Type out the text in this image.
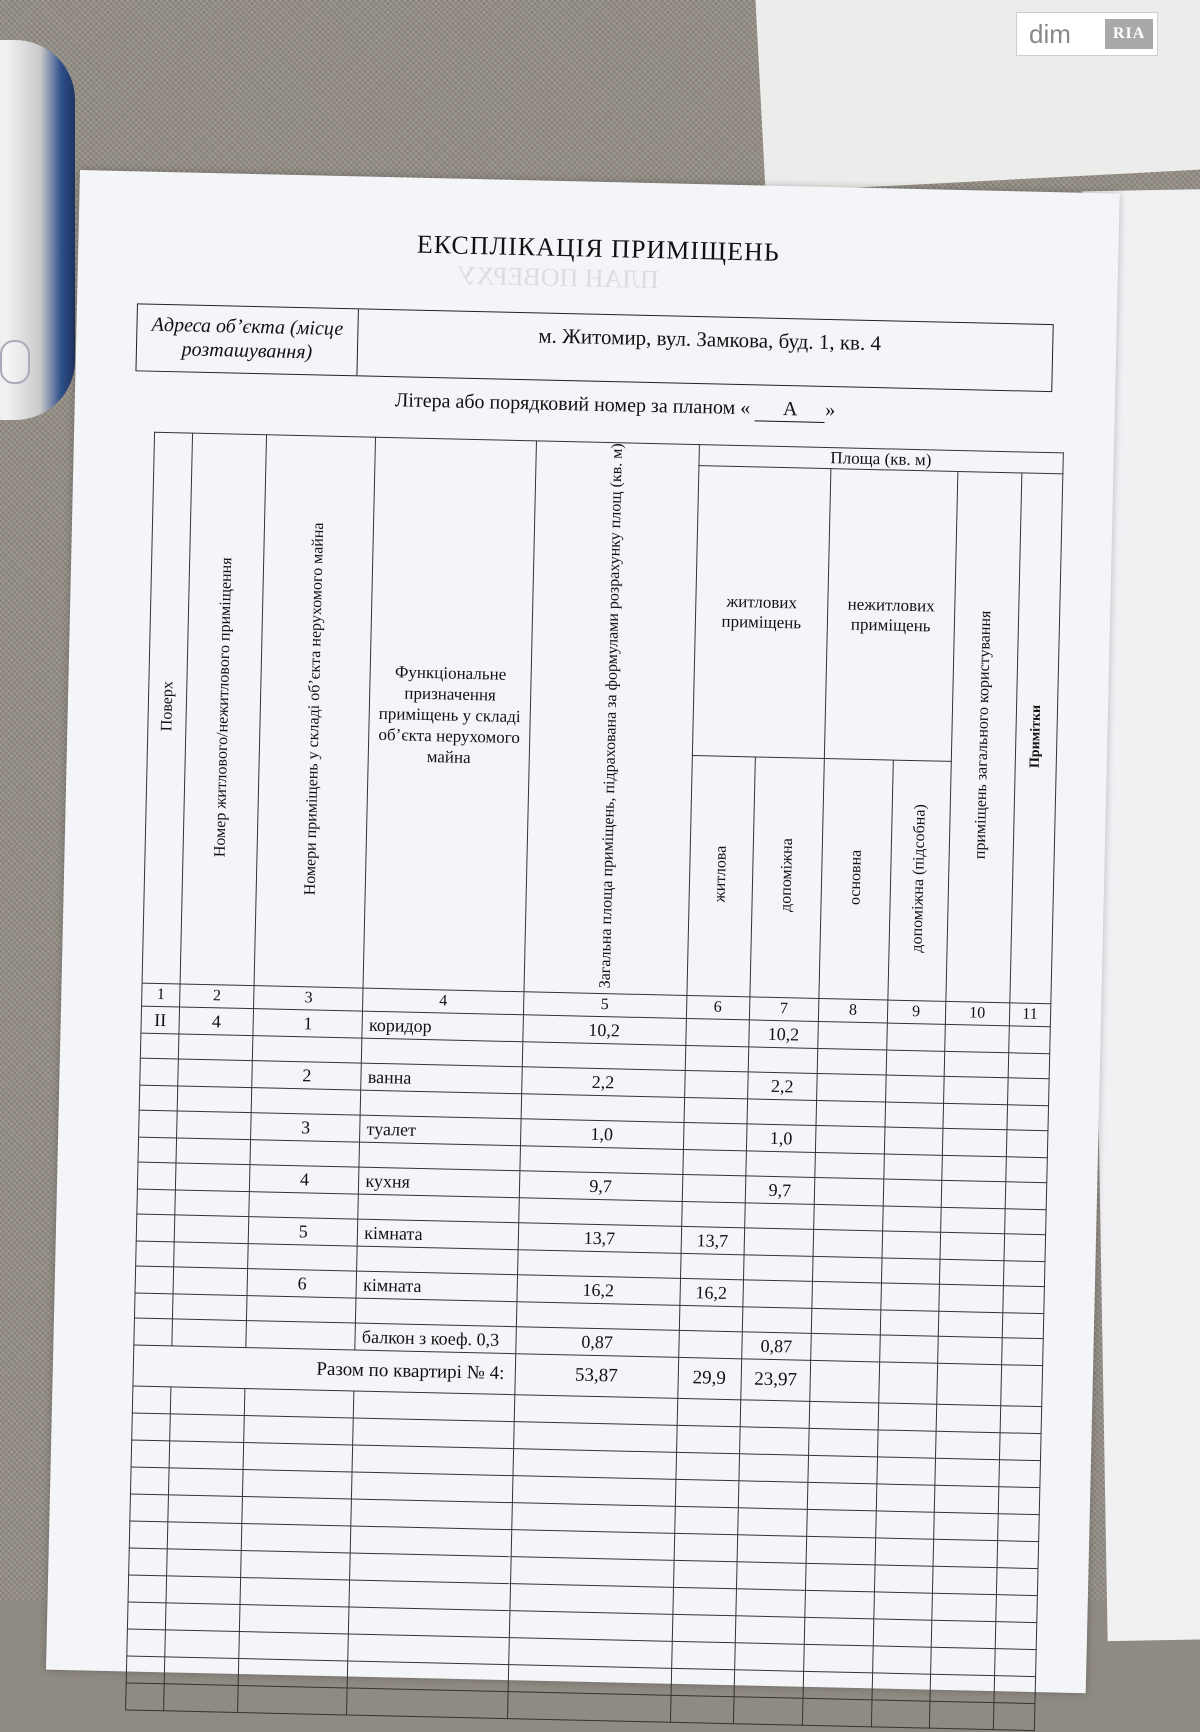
dim	RIA
ПЛАН ПОВЕРХУ
ЕКСПЛІКАЦІЯ ПРИМІЩЕНЬ
Адреса об’єкта (місце розташування)	м. Житомир, вул. Замкова, буд. 1, кв. 4
Літера або порядковий номер за планом « А »
Поверх	Номер житлового/нежитлового приміщення	Номери приміщень у складі об’єкта нерухомого майна	Функціональне призначення приміщень у складі об’єкта нерухомого майна	Загальна площа приміщень, підрахована за формулами розрахунку площ (кв. м)	Площа (кв. м)					
					житлових приміщень		нежитлових приміщень		приміщень загального користування	Примітки
					житлова	допоміжна	основна	допоміжна (підсобна)		
1	2	3	4	5	6	7	8	9	10	11
ІІ	4	1	коридор	10,2		10,2				

		2	ванна	2,2		2,2				

		3	туалет	1,0		1,0				

		4	кухня	9,7		9,7				

		5	кімната	13,7	13,7					

		6	кімната	16,2	16,2					

			балкон з коеф. 0,3	0,87		0,87				
Разом по квартирі № 4:				53,87	29,9	23,97				
